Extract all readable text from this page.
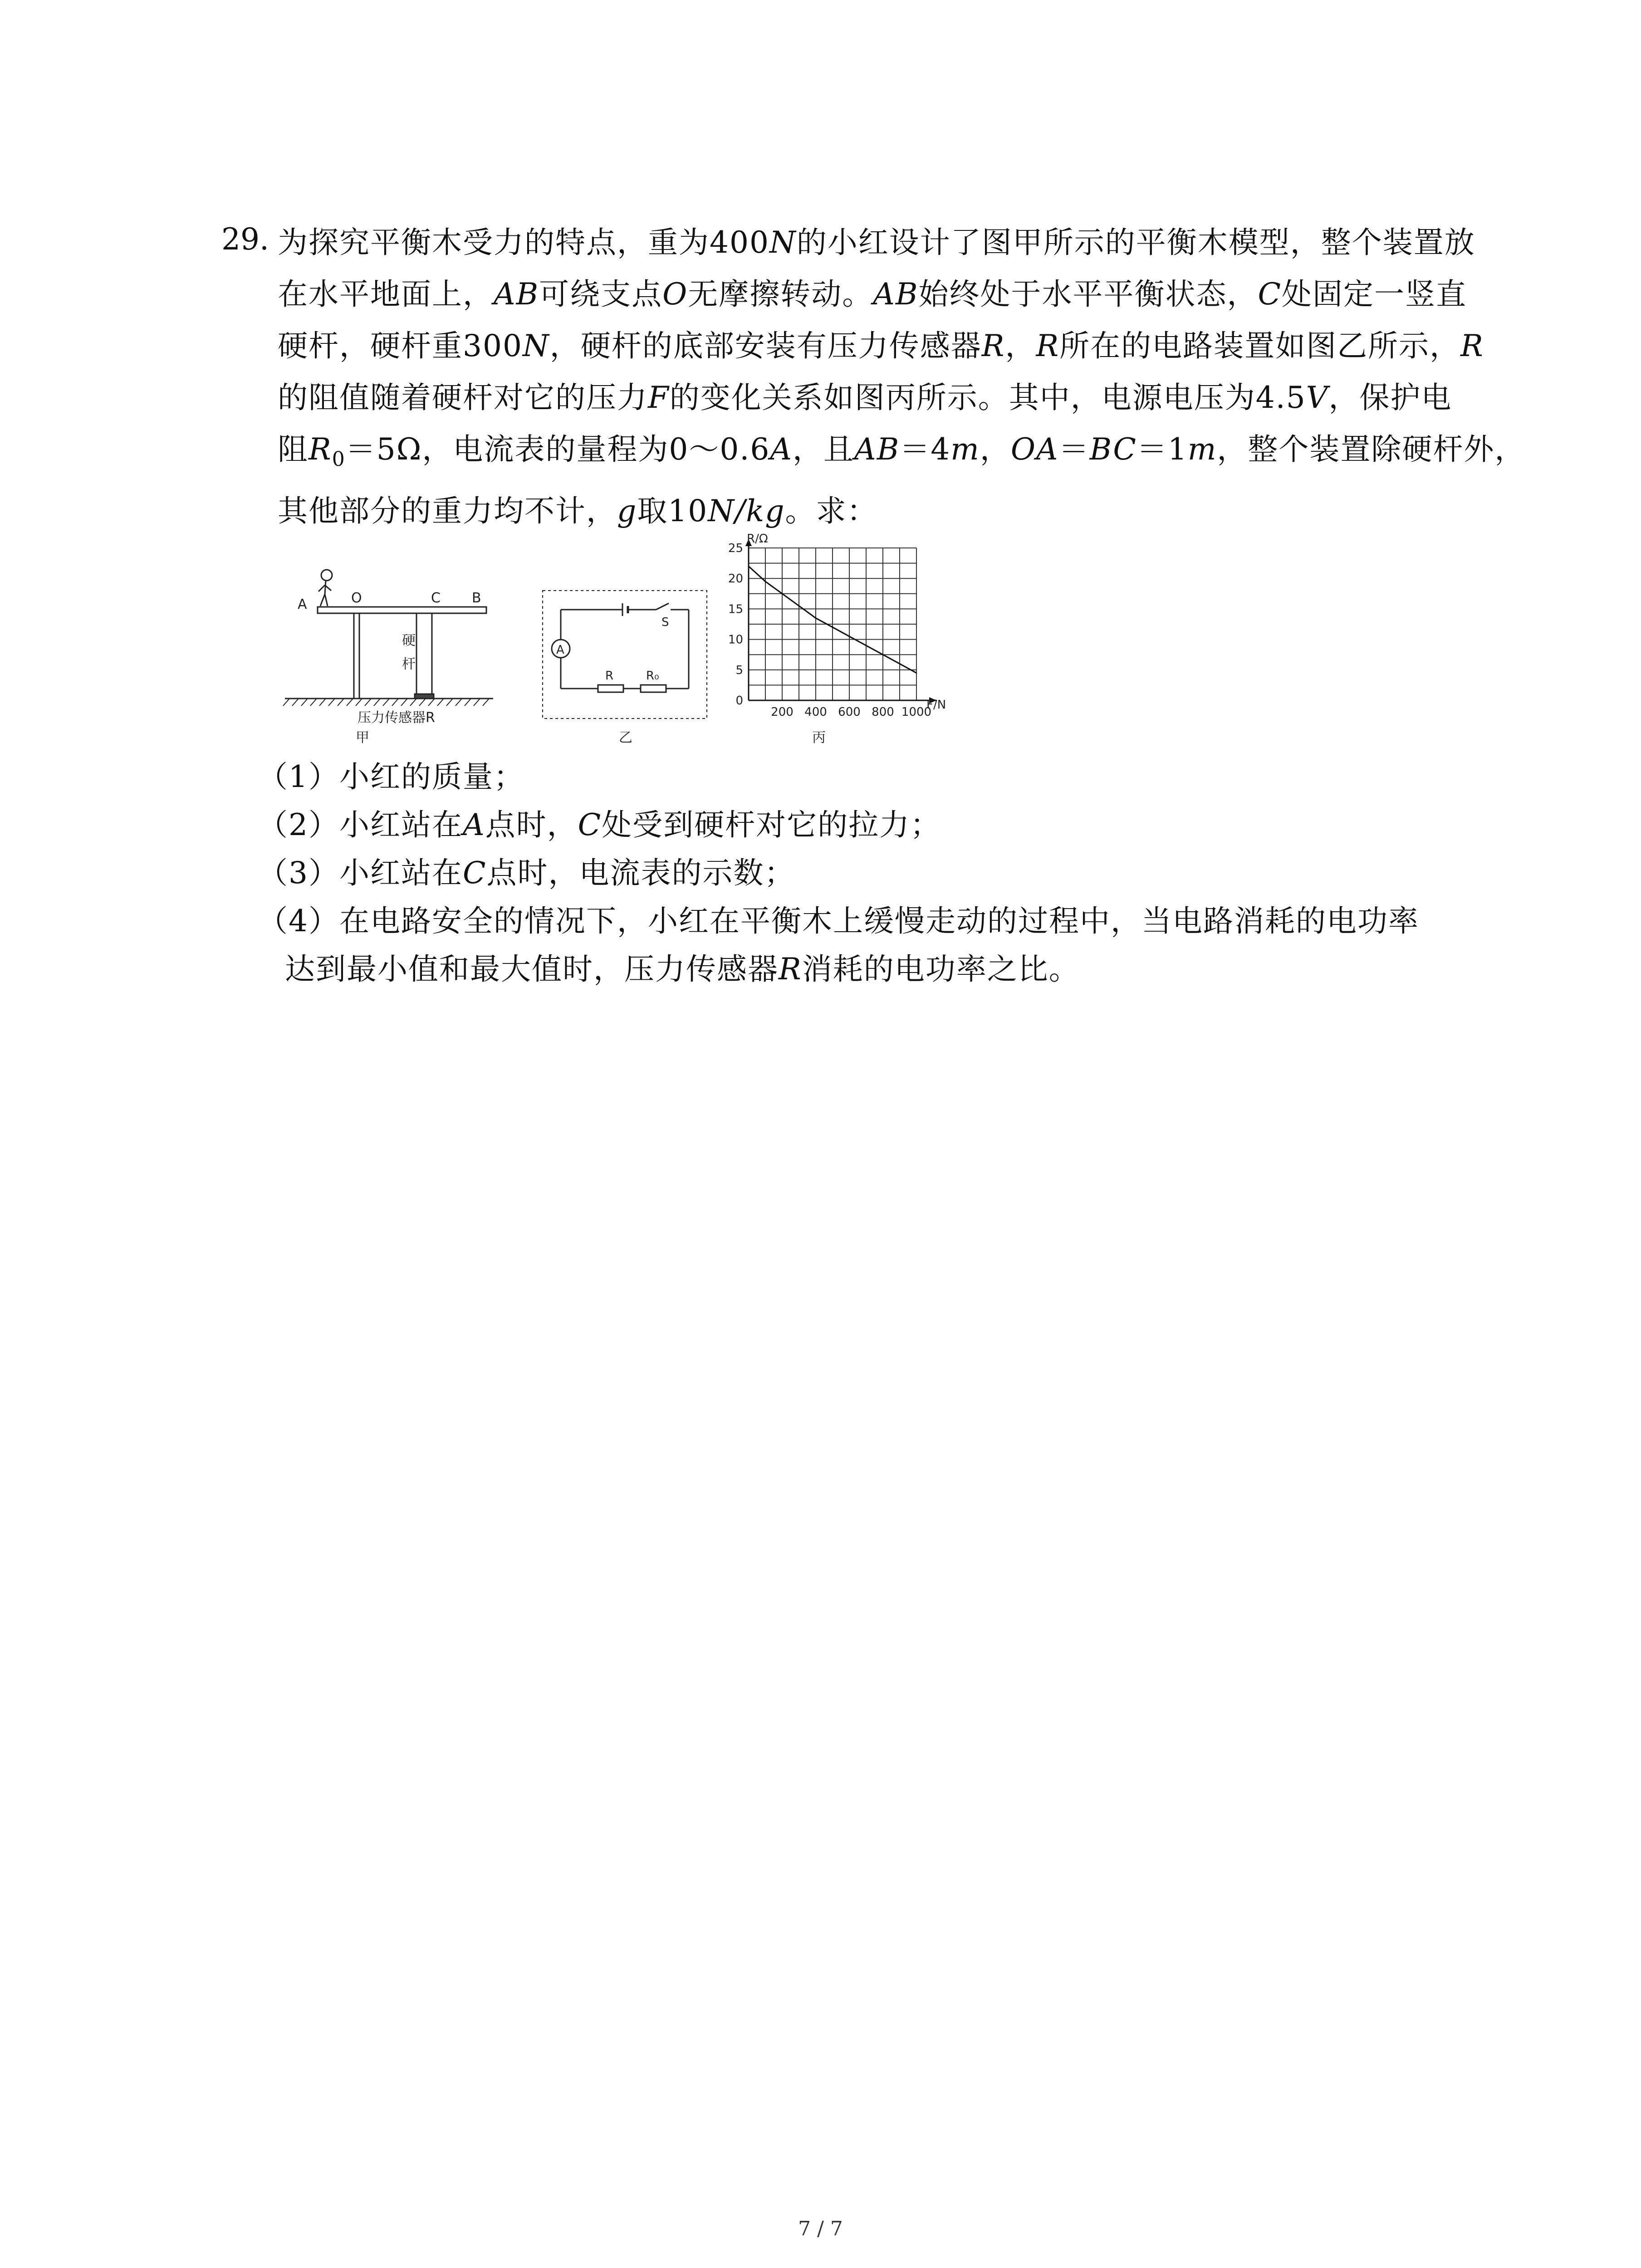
29. 为探究平衡木受力的特点，重为400N的小红设计了图甲所示的平衡木模型，整个装置放

在水平地面上，AB可绕支点O无摩擦转动。AB始终处于水平平衡状态，C处固定一竖直

硬杆，硬杆重300N，硬杆的底部安装有压力传感器R，R所在的电路装置如图乙所示，R

的阻值随着硬杆对它的压力F的变化关系如图丙所示。其中，电源电压为4.5V，保护电

阻$R_0=5\Omega$，电流表的量程为0～0.6A，且AB＝4m，OA＝BC＝1m，整个装置除硬杆外，

其他部分的重力均不计，g取10N/kg。求：

A	O	C B
硬
杆
压力传感器R
甲
A
S
R	R₀
乙
200 400 600 800 1000
0
5
10
15
20
25
F/N
R/Ω
丙

（1）小红的质量；

（2）小红站在A点时，C处受到硬杆对它的拉力；

（3）小红站在C点时，电流表的示数；

（4）在电路安全的情况下，小红在平衡木上缓慢走动的过程中，当电路消耗的电功率

达到最小值和最大值时，压力传感器R消耗的电功率之比。

7 / 7
